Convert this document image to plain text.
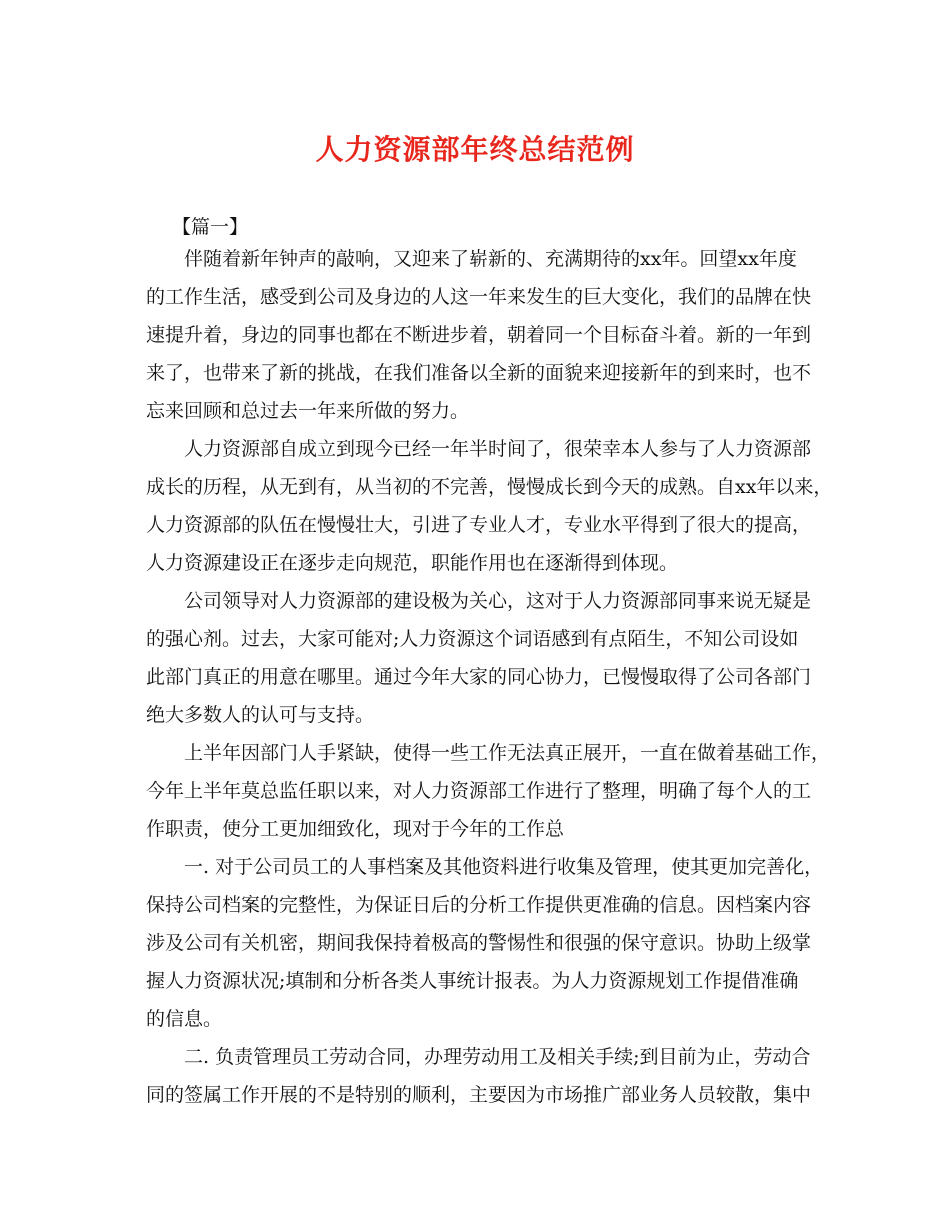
人力资源部年终总结范例
【篇一】
伴随着新年钟声的敲响，又迎来了崭新的、充满期待的xx年。回望xx年度
的工作生活，感受到公司及身边的人这一年来发生的巨大变化，我们的品牌在快
速提升着，身边的同事也都在不断进步着，朝着同一个目标奋斗着。新的一年到
来了，也带来了新的挑战，在我们准备以全新的面貌来迎接新年的到来时，也不
忘来回顾和总过去一年来所做的努力。
人力资源部自成立到现今已经一年半时间了，很荣幸本人参与了人力资源部
成长的历程，从无到有，从当初的不完善，慢慢成长到今天的成熟。自xx年以来，
人力资源部的队伍在慢慢壮大，引进了专业人才，专业水平得到了很大的提高，
人力资源建设正在逐步走向规范，职能作用也在逐渐得到体现。
公司领导对人力资源部的建设极为关心，这对于人力资源部同事来说无疑是
的强心剂。过去，大家可能对;人力资源这个词语感到有点陌生，不知公司设如
此部门真正的用意在哪里。通过今年大家的同心协力，已慢慢取得了公司各部门
绝大多数人的认可与支持。
上半年因部门人手紧缺，使得一些工作无法真正展开，一直在做着基础工作，
今年上半年莫总监任职以来，对人力资源部工作进行了整理，明确了每个人的工
作职责，使分工更加细致化，现对于今年的工作总
一. 对于公司员工的人事档案及其他资料进行收集及管理，使其更加完善化，
保持公司档案的完整性，为保证日后的分析工作提供更准确的信息。因档案内容
涉及公司有关机密，期间我保持着极高的警惕性和很强的保守意识。协助上级掌
握人力资源状况;填制和分析各类人事统计报表。为人力资源规划工作提借准确
的信息。
二. 负责管理员工劳动合同，办理劳动用工及相关手续;到目前为止，劳动合
同的签属工作开展的不是特别的顺利，主要因为市场推广部业务人员较散，集中
